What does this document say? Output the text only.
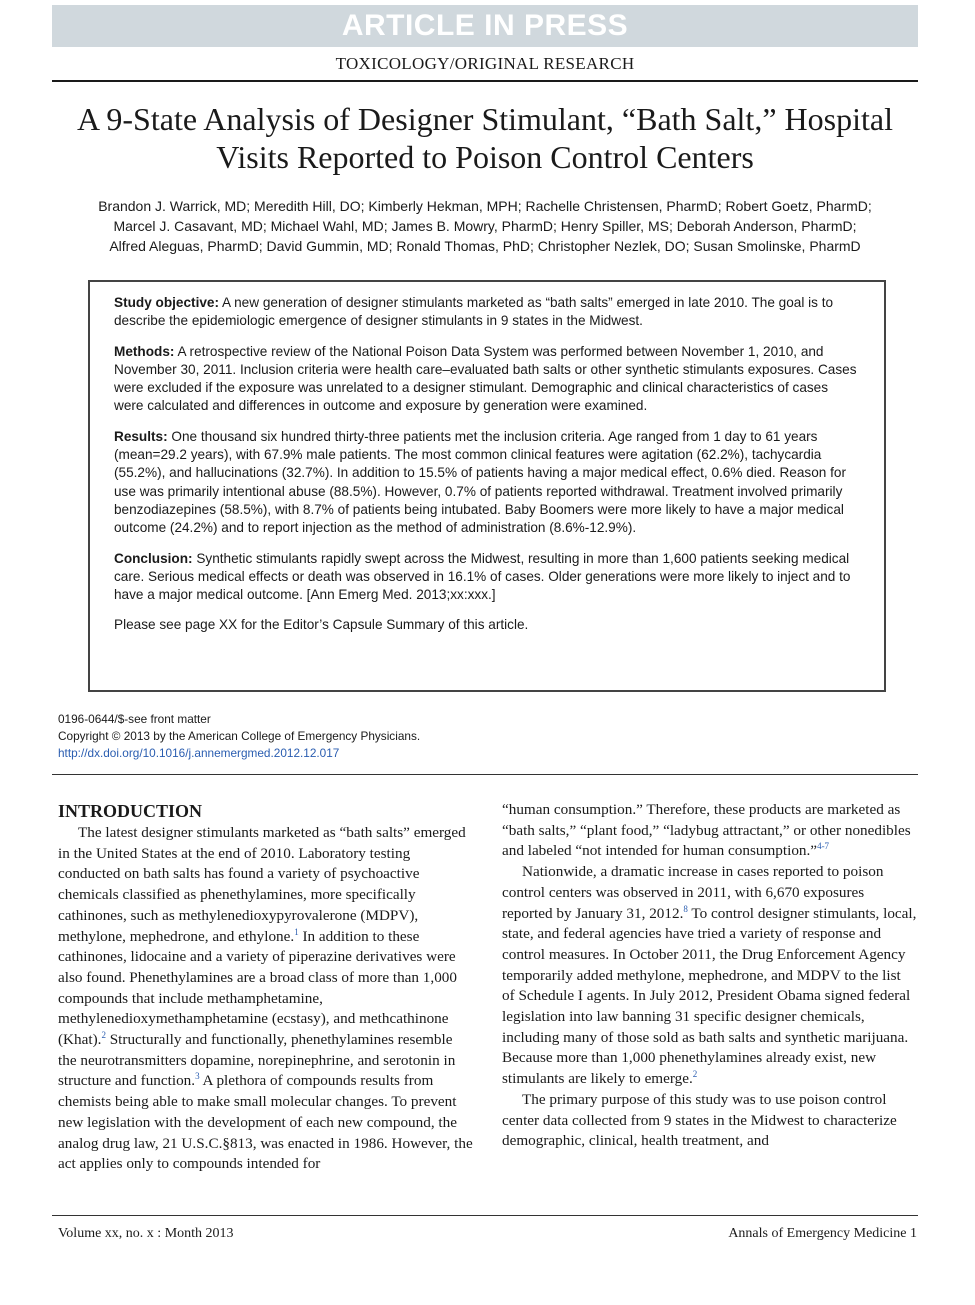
ARTICLE IN PRESS
TOXICOLOGY/ORIGINAL RESEARCH
A 9-State Analysis of Designer Stimulant, “Bath Salt,” Hospital
Visits Reported to Poison Control Centers
Brandon J. Warrick, MD; Meredith Hill, DO; Kimberly Hekman, MPH; Rachelle Christensen, PharmD; Robert Goetz, PharmD;
Marcel J. Casavant, MD; Michael Wahl, MD; James B. Mowry, PharmD; Henry Spiller, MS; Deborah Anderson, PharmD;
Alfred Aleguas, PharmD; David Gummin, MD; Ronald Thomas, PhD; Christopher Nezlek, DO; Susan Smolinske, PharmD

Study objective: A new generation of designer stimulants marketed as “bath salts” emerged in late 2010. The goal is to describe the epidemiologic emergence of designer stimulants in 9 states in the Midwest.

Methods: A retrospective review of the National Poison Data System was performed between November 1, 2010, and November 30, 2011. Inclusion criteria were health care–evaluated bath salts or other synthetic stimulants exposures. Cases were excluded if the exposure was unrelated to a designer stimulant. Demographic and clinical characteristics of cases were calculated and differences in outcome and exposure by generation were examined.

Results: One thousand six hundred thirty-three patients met the inclusion criteria. Age ranged from 1 day to 61 years (mean=29.2 years), with 67.9% male patients. The most common clinical features were agitation (62.2%), tachycardia (55.2%), and hallucinations (32.7%). In addition to 15.5% of patients having a major medical effect, 0.6% died. Reason for use was primarily intentional abuse (88.5%). However, 0.7% of patients reported withdrawal. Treatment involved primarily benzodiazepines (58.5%), with 8.7% of patients being intubated. Baby Boomers were more likely to have a major medical outcome (24.2%) and to report injection as the method of administration (8.6%-12.9%).

Conclusion: Synthetic stimulants rapidly swept across the Midwest, resulting in more than 1,600 patients seeking medical care. Serious medical effects or death was observed in 16.1% of cases. Older generations were more likely to inject and to have a major medical outcome. [Ann Emerg Med. 2013;xx:xxx.]

Please see page XX for the Editor’s Capsule Summary of this article.

0196-0644/$-see front matter
Copyright © 2013 by the American College of Emergency Physicians.
http://dx.doi.org/10.1016/j.annemergmed.2012.12.017
INTRODUCTION

The latest designer stimulants marketed as “bath salts” emerged in the United States at the end of 2010. Laboratory testing conducted on bath salts has found a variety of psychoactive chemicals classified as phenethylamines, more specifically cathinones, such as methylenedioxypyrovalerone (MDPV), methylone, mephedrone, and ethylone.$^1$ In addition to these cathinones, lidocaine and a variety of piperazine derivatives were also found. Phenethylamines are a broad class of more than 1,000 compounds that include methamphetamine, methylenedioxymethamphetamine (ecstasy), and methcathinone (Khat).$^2$ Structurally and functionally, phenethylamines resemble the neurotransmitters dopamine, norepinephrine, and serotonin in structure and function.$^3$ A plethora of compounds results from chemists being able to make small molecular changes. To prevent new legislation with the development of each new compound, the analog drug law, 21 U.S.C.§813, was enacted in 1986. However, the act applies only to compounds intended for

“human consumption.” Therefore, these products are marketed as “bath salts,” “plant food,” “ladybug attractant,” or other nonedibles and labeled “not intended for human consumption.”$^{4-7}$

Nationwide, a dramatic increase in cases reported to poison control centers was observed in 2011, with 6,670 exposures reported by January 31, 2012.$^8$ To control designer stimulants, local, state, and federal agencies have tried a variety of response and control measures. In October 2011, the Drug Enforcement Agency temporarily added methylone, mephedrone, and MDPV to the list of Schedule I agents. In July 2012, President Obama signed federal legislation into law banning 31 specific designer chemicals, including many of those sold as bath salts and synthetic marijuana. Because more than 1,000 phenethylamines already exist, new stimulants are likely to emerge.$^2$

The primary purpose of this study was to use poison control center data collected from 9 states in the Midwest to characterize demographic, clinical, health treatment, and

Volume xx, no. x : Month 2013	Annals of Emergency Medicine 1
